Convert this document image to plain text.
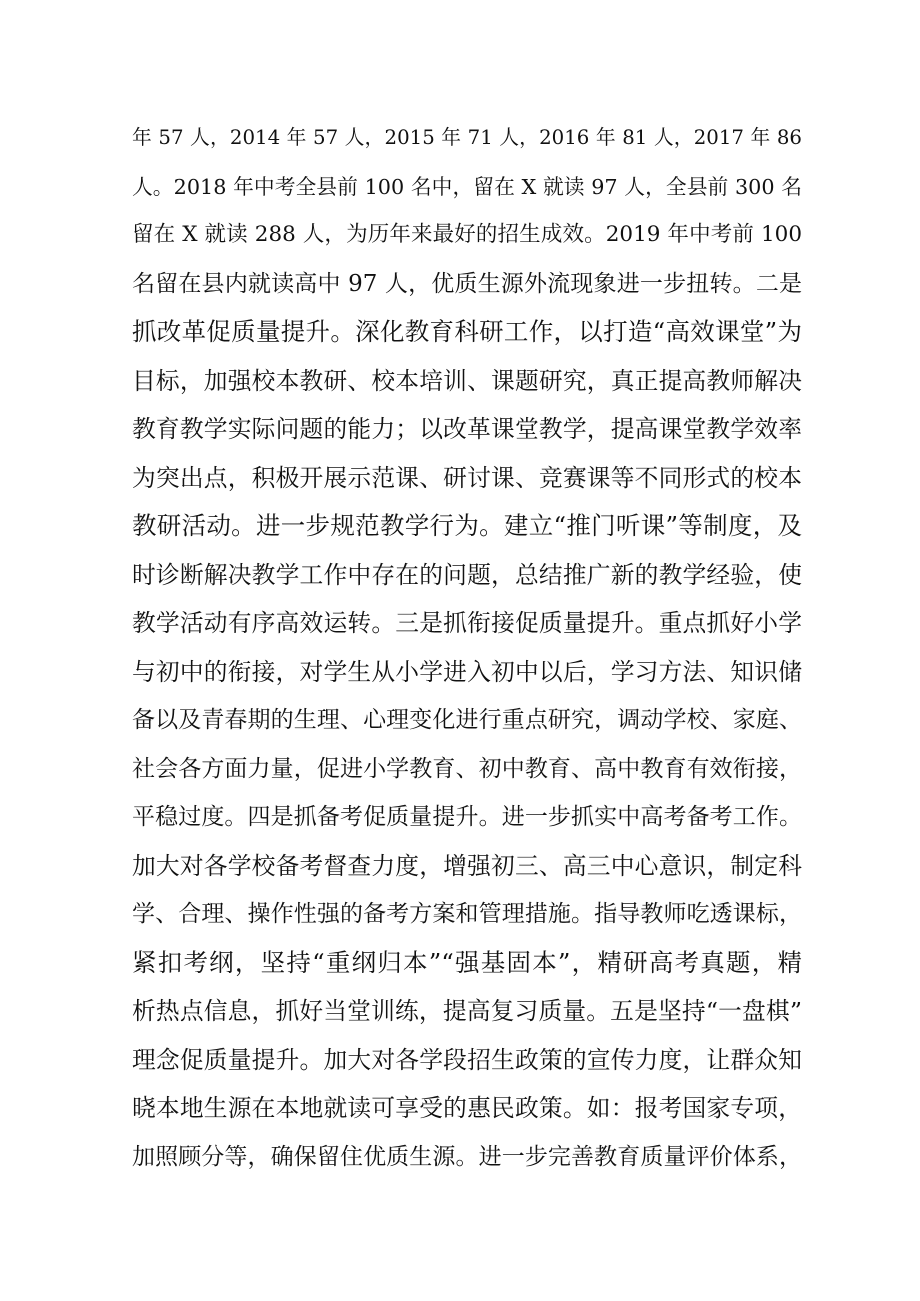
年 57 人，2014 年 57 人，2015 年 71 人，2016 年 81 人，2017 年 86
人。2018 年中考全县前 100 名中，留在 X 就读 97 人，全县前 300 名
留在 X 就读 288 人，为历年来最好的招生成效。2019 年中考前 100
名留在县内就读高中 97 人，优质生源外流现象进一步扭转。二是
抓改革促质量提升。深化教育科研工作，以打造“高效课堂”为
目标，加强校本教研、校本培训、课题研究，真正提高教师解决
教育教学实际问题的能力；以改革课堂教学，提高课堂教学效率
为突出点，积极开展示范课、研讨课、竞赛课等不同形式的校本
教研活动。进一步规范教学行为。建立“推门听课”等制度，及
时诊断解决教学工作中存在的问题，总结推广新的教学经验，使
教学活动有序高效运转。三是抓衔接促质量提升。重点抓好小学
与初中的衔接，对学生从小学进入初中以后，学习方法、知识储
备以及青春期的生理、心理变化进行重点研究，调动学校、家庭、
社会各方面力量，促进小学教育、初中教育、高中教育有效衔接，
平稳过度。四是抓备考促质量提升。进一步抓实中高考备考工作。
加大对各学校备考督查力度，增强初三、高三中心意识，制定科
学、合理、操作性强的备考方案和管理措施。指导教师吃透课标，
紧扣考纲，坚持“重纲归本”“强基固本”，精研高考真题，精
析热点信息，抓好当堂训练，提高复习质量。五是坚持“一盘棋”
理念促质量提升。加大对各学段招生政策的宣传力度，让群众知
晓本地生源在本地就读可享受的惠民政策。如：报考国家专项，
加照顾分等，确保留住优质生源。进一步完善教育质量评价体系，
